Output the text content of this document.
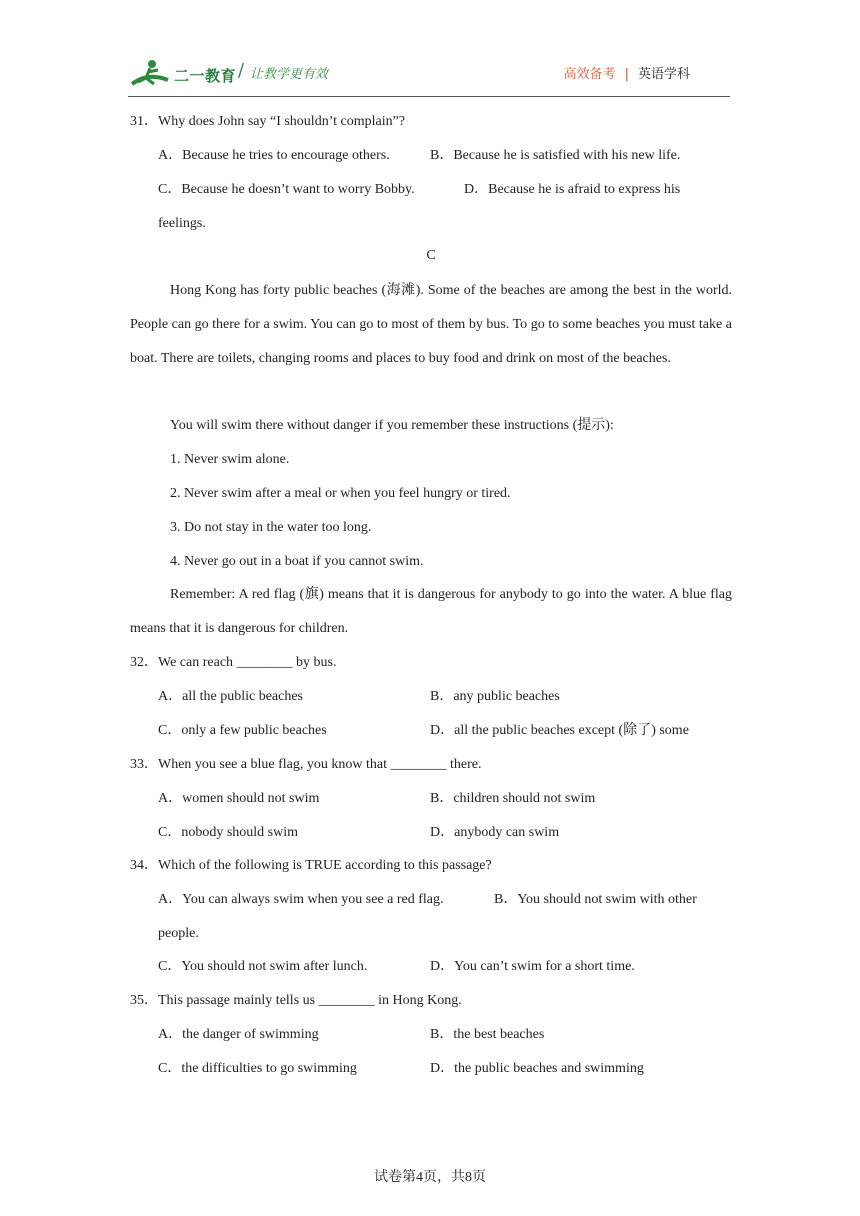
二一教育 / 让教学更有效	高效备考 | 英语学科
31．Why does John say “I shouldn’t complain”?
A．Because he tries to encourage others.	B．Because he is satisfied with his new life.
C．Because he doesn’t want to worry Bobby.	D．Because he is afraid to express his
feelings.
C
Hong Kong has forty public beaches (海滩). Some of the beaches are among the best in the world. People can go there for a swim. You can go to most of them by bus. To go to some beaches you must take a boat. There are toilets, changing rooms and places to buy food and drink on most of the beaches.
You will swim there without danger if you remember these instructions (提示):
1. Never swim alone.
2. Never swim after a meal or when you feel hungry or tired.
3. Do not stay in the water too long.
4. Never go out in a boat if you cannot swim.
Remember: A red flag (旗) means that it is dangerous for anybody to go into the water. A blue flag means that it is dangerous for children.
32．We can reach ________ by bus.
A．all the public beaches	B．any public beaches
C．only a few public beaches	D．all the public beaches except (除了) some
33．When you see a blue flag, you know that ________ there.
A．women should not swim	B．children should not swim
C．nobody should swim	D．anybody can swim
34．Which of the following is TRUE according to this passage?
A．You can always swim when you see a red flag.	B．You should not swim with other
people.
C．You should not swim after lunch.	D．You can’t swim for a short time.
35．This passage mainly tells us ________ in Hong Kong.
A．the danger of swimming	B．the best beaches
C．the difficulties to go swimming	D．the public beaches and swimming
试卷第4页，共8页
